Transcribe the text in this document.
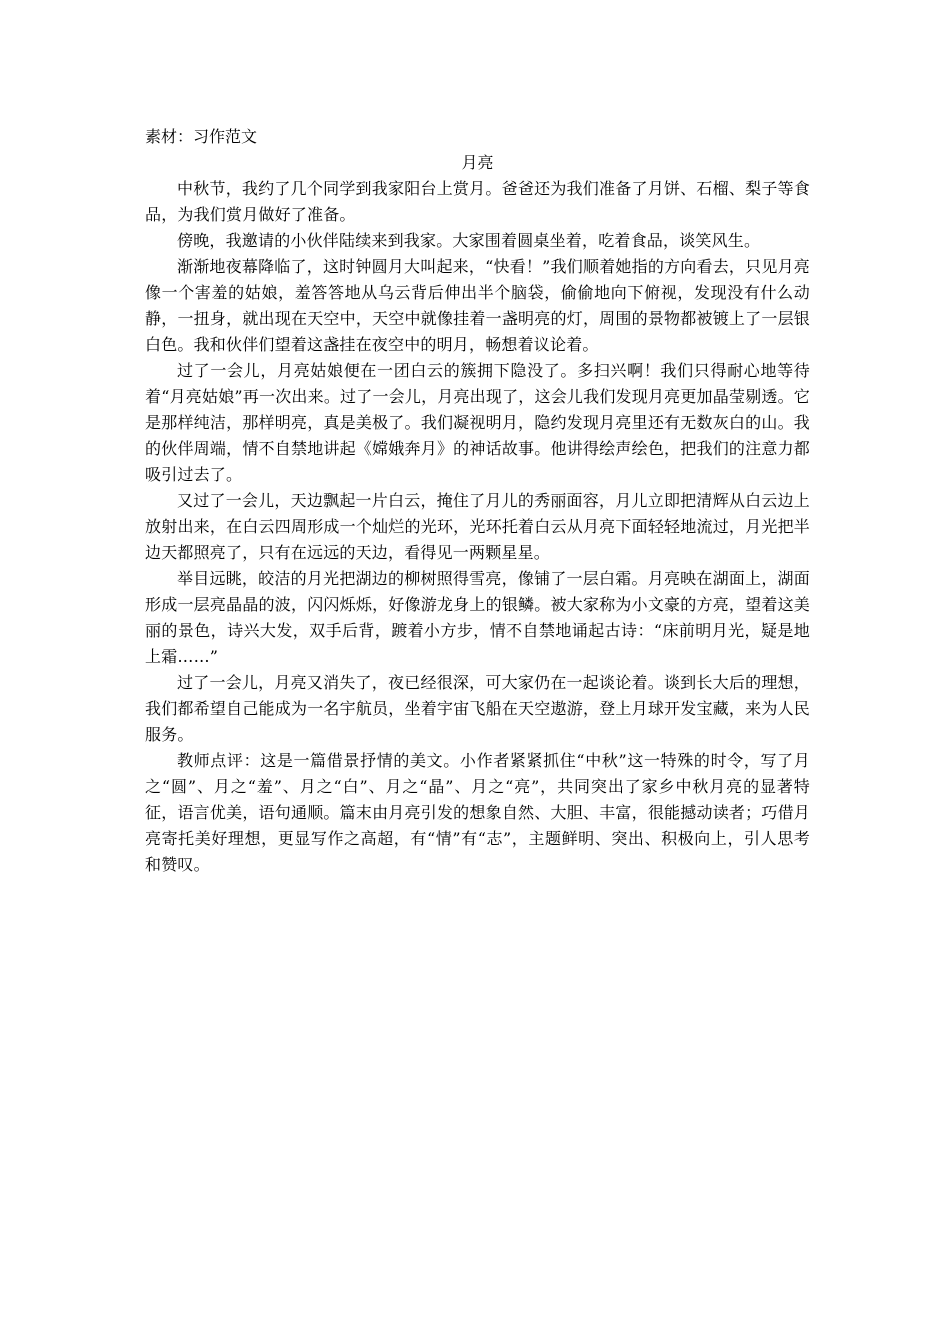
素材：习作范文

月亮

中秋节，我约了几个同学到我家阳台上赏月。爸爸还为我们准备了月饼、石榴、梨子等食品，为我们赏月做好了准备。

傍晚，我邀请的小伙伴陆续来到我家。大家围着圆桌坐着，吃着食品，谈笑风生。

渐渐地夜幕降临了，这时钟圆月大叫起来，“快看！”我们顺着她指的方向看去，只见月亮像一个害羞的姑娘，羞答答地从乌云背后伸出半个脑袋，偷偷地向下俯视，发现没有什么动静，一扭身，就出现在天空中，天空中就像挂着一盏明亮的灯，周围的景物都被镀上了一层银白色。我和伙伴们望着这盏挂在夜空中的明月，畅想着议论着。

过了一会儿，月亮姑娘便在一团白云的簇拥下隐没了。多扫兴啊！我们只得耐心地等待着“月亮姑娘”再一次出来。过了一会儿，月亮出现了，这会儿我们发现月亮更加晶莹剔透。它是那样纯洁，那样明亮，真是美极了。我们凝视明月，隐约发现月亮里还有无数灰白的山。我的伙伴周端，情不自禁地讲起《嫦娥奔月》的神话故事。他讲得绘声绘色，把我们的注意力都吸引过去了。

又过了一会儿，天边飘起一片白云，掩住了月儿的秀丽面容，月儿立即把清辉从白云边上放射出来，在白云四周形成一个灿烂的光环，光环托着白云从月亮下面轻轻地流过，月光把半边天都照亮了，只有在远远的天边，看得见一两颗星星。

举目远眺，皎洁的月光把湖边的柳树照得雪亮，像铺了一层白霜。月亮映在湖面上，湖面形成一层亮晶晶的波，闪闪烁烁，好像游龙身上的银鳞。被大家称为小文豪的方亮，望着这美丽的景色，诗兴大发，双手后背，踱着小方步，情不自禁地诵起古诗：“床前明月光，疑是地上霜……”

过了一会儿，月亮又消失了，夜已经很深，可大家仍在一起谈论着。谈到长大后的理想，我们都希望自己能成为一名宇航员，坐着宇宙飞船在天空遨游，登上月球开发宝藏，来为人民服务。

教师点评：这是一篇借景抒情的美文。小作者紧紧抓住“中秋”这一特殊的时令，写了月之“圆”、月之“羞”、月之“白”、月之“晶”、月之“亮”，共同突出了家乡中秋月亮的显著特征，语言优美，语句通顺。篇末由月亮引发的想象自然、大胆、丰富，很能撼动读者；巧借月亮寄托美好理想，更显写作之高超，有“情”有“志”，主题鲜明、突出、积极向上，引人思考和赞叹。
